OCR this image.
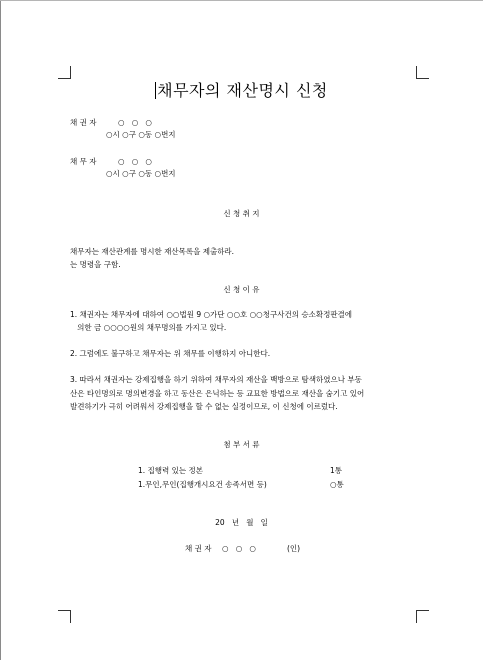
채무자의 재산명시 신청
채 권 자	○   ○   ○
○시 ○구 ○동 ○번지
채 무 자	○   ○   ○
○시 ○구 ○동 ○번지
신 청 취 지
채무자는 재산관계를 명시한 재산목록을 제출하라.
는 명령을 구함.
신 청 이 유
1. 채권자는 채무자에 대하여 ○○법원 9 ○가단 ○○호 ○○청구사건의 승소확정판결에
의한 금 ○○○○원의 채무명의를 가지고 있다.
2. 그럼에도 불구하고 채무자는 위 채무를 이행하지 아니한다.
3. 따라서 채권자는 강제집행을 하기 위하여 채무자의 재산을 백방으로 탐색하였으나 부동
산은 타인명의로 명의변경을 하고 동산은 은닉하는 등 교묘한 방법으로 재산을 숨기고 있어
발견하기가 극히 어려워서 강제집행을 할 수 없는 실정이므로, 이 신청에 이르렀다.
첨 부 서 류
1. 집행력 있는 정본	1통
1.무인,무인(집행개시요건 송족서면 등)	○통
20   년   월   일
채 권 자 ○   ○   ○	(인)
